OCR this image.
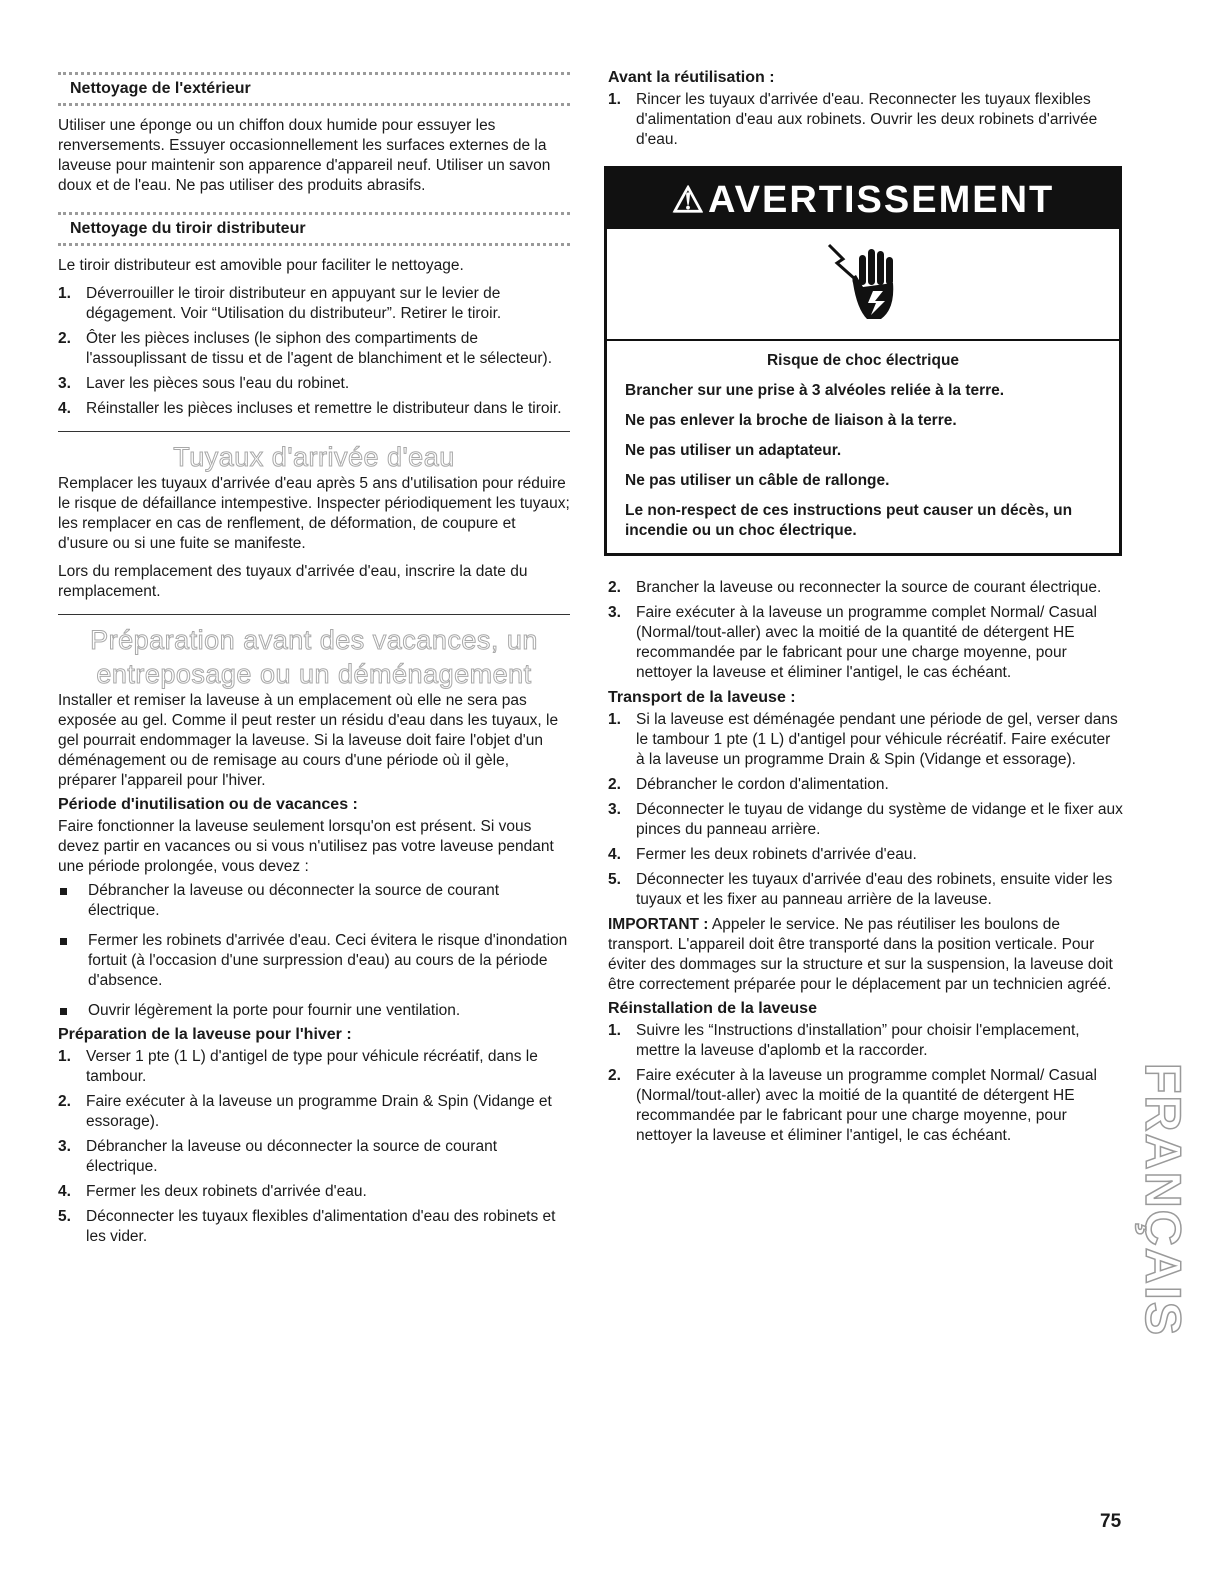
Nettoyage de l'extérieur

Utiliser une éponge ou un chiffon doux humide pour essuyer les renversements. Essuyer occasionnellement les surfaces externes de la laveuse pour maintenir son apparence d'appareil neuf. Utiliser un savon doux et de l'eau. Ne pas utiliser des produits abrasifs.

Nettoyage du tiroir distributeur

Le tiroir distributeur est amovible pour faciliter le nettoyage.

1. Déverrouiller le tiroir distributeur en appuyant sur le levier de dégagement. Voir “Utilisation du distributeur”. Retirer le tiroir.
2. Ôter les pièces incluses (le siphon des compartiments de l'assouplissant de tissu et de l'agent de blanchiment et le sélecteur).
3. Laver les pièces sous l'eau du robinet.
4. Réinstaller les pièces incluses et remettre le distributeur dans le tiroir.
Tuyaux d'arrivée d'eau

Remplacer les tuyaux d'arrivée d'eau après 5 ans d'utilisation pour réduire le risque de défaillance intempestive. Inspecter périodiquement les tuyaux; les remplacer en cas de renflement, de déformation, de coupure et d'usure ou si une fuite se manifeste.

Lors du remplacement des tuyaux d'arrivée d'eau, inscrire la date du remplacement.

Préparation avant des vacances, un
entreposage ou un déménagement

Installer et remiser la laveuse à un emplacement où elle ne sera pas exposée au gel. Comme il peut rester un résidu d'eau dans les tuyaux, le gel pourrait endommager la laveuse. Si la laveuse doit faire l'objet d'un déménagement ou de remisage au cours d'une période où il gèle, préparer l'appareil pour l'hiver.

Période d'inutilisation ou de vacances :

Faire fonctionner la laveuse seulement lorsqu'on est présent. Si vous devez partir en vacances ou si vous n'utilisez pas votre laveuse pendant une période prolongée, vous devez :

Débrancher la laveuse ou déconnecter la source de courant électrique.
Fermer les robinets d'arrivée d'eau. Ceci évitera le risque d'inondation fortuit (à l'occasion d'une surpression d'eau) au cours de la période d'absence.
Ouvrir légèrement la porte pour fournir une ventilation.
Préparation de la laveuse pour l'hiver :
1. Verser 1 pte (1 L) d'antigel de type pour véhicule récréatif, dans le tambour.
2. Faire exécuter à la laveuse un programme Drain & Spin (Vidange et essorage).
3. Débrancher la laveuse ou déconnecter la source de courant électrique.
4. Fermer les deux robinets d'arrivée d'eau.
5. Déconnecter les tuyaux flexibles d'alimentation d'eau des robinets et les vider.
Avant la réutilisation :
1. Rincer les tuyaux d'arrivée d'eau. Reconnecter les tuyaux flexibles d'alimentation d'eau aux robinets. Ouvrir les deux robinets d'arrivée d'eau.
⚠AVERTISSEMENT

Risque de choc électrique

Brancher sur une prise à 3 alvéoles reliée à la terre.

Ne pas enlever la broche de liaison à la terre.

Ne pas utiliser un adaptateur.

Ne pas utiliser un câble de rallonge.

Le non-respect de ces instructions peut causer un décès, un incendie ou un choc électrique.

2. Brancher la laveuse ou reconnecter la source de courant électrique.
3. Faire exécuter à la laveuse un programme complet Normal/ Casual (Normal/tout-aller) avec la moitié de la quantité de détergent HE recommandée par le fabricant pour une charge moyenne, pour nettoyer la laveuse et éliminer l'antigel, le cas échéant.
Transport de la laveuse :
1. Si la laveuse est déménagée pendant une période de gel, verser dans le tambour 1 pte (1 L) d'antigel pour véhicule récréatif. Faire exécuter à la laveuse un programme Drain & Spin (Vidange et essorage).
2. Débrancher le cordon d'alimentation.
3. Déconnecter le tuyau de vidange du système de vidange et le fixer aux pinces du panneau arrière.
4. Fermer les deux robinets d'arrivée d'eau.
5. Déconnecter les tuyaux d'arrivée d'eau des robinets, ensuite vider les tuyaux et les fixer au panneau arrière de la laveuse.

IMPORTANT : Appeler le service. Ne pas réutiliser les boulons de transport. L'appareil doit être transporté dans la position verticale. Pour éviter des dommages sur la structure et sur la suspension, la laveuse doit être correctement préparée pour le déplacement par un technicien agréé.

Réinstallation de la laveuse
1. Suivre les “Instructions d'installation” pour choisir l'emplacement, mettre la laveuse d'aplomb et la raccorder.
2. Faire exécuter à la laveuse un programme complet Normal/ Casual (Normal/tout-aller) avec la moitié de la quantité de détergent HE recommandée par le fabricant pour une charge moyenne, pour nettoyer la laveuse et éliminer l'antigel, le cas échéant.	FRANÇAIS
75
